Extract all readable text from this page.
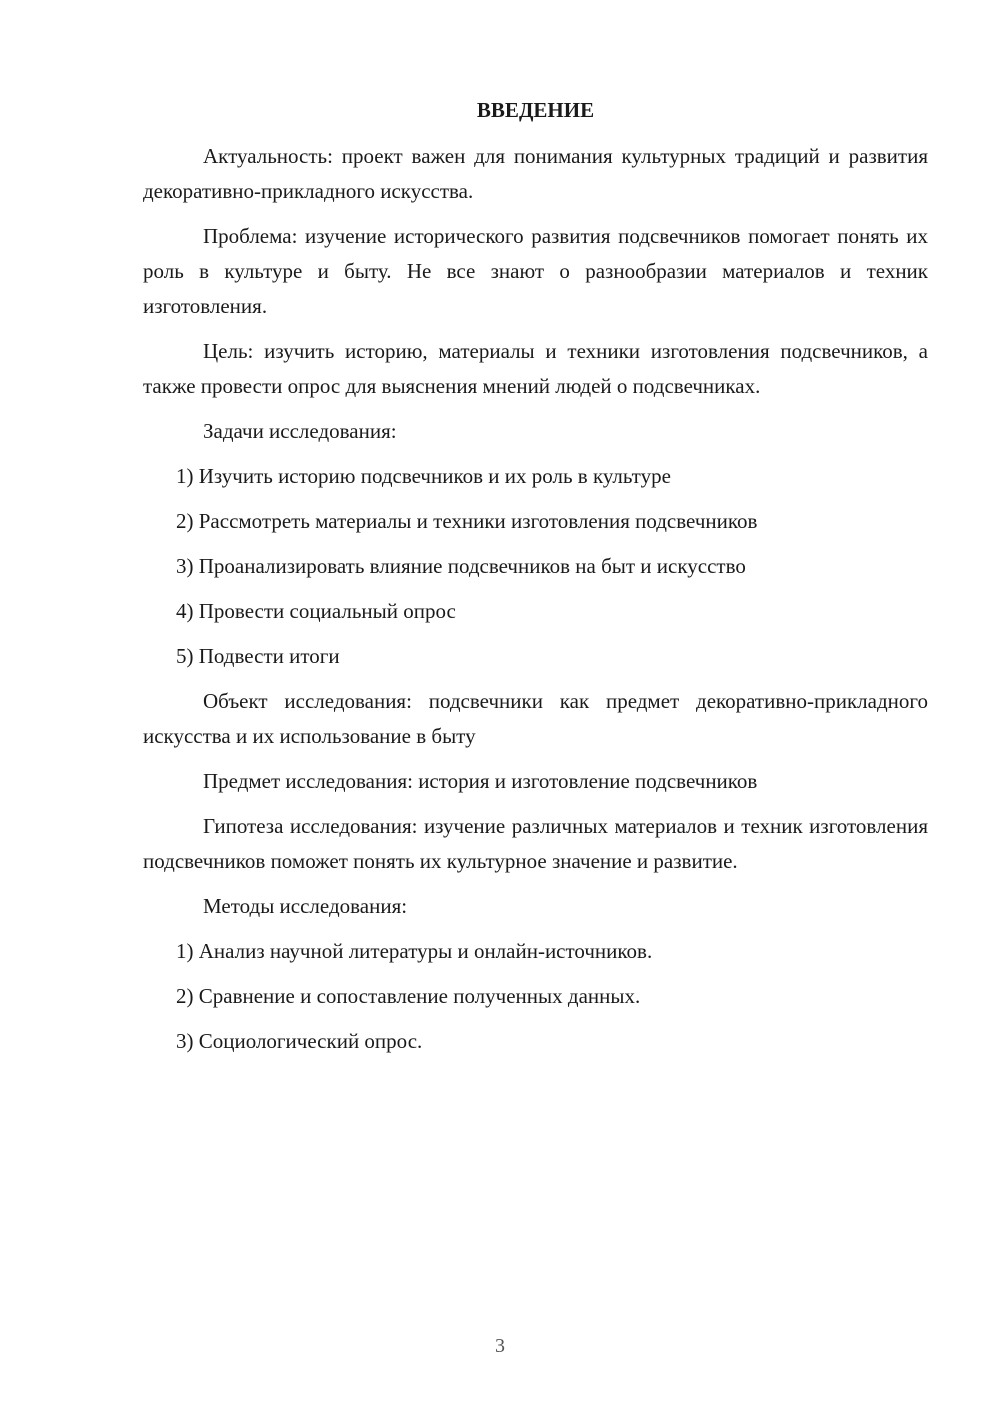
ВВЕДЕНИЕ

Актуальность: проект важен для понимания культурных традиций и развития декоративно-прикладного искусства.

Проблема: изучение исторического развития подсвечников помогает понять их роль в культуре и быту. Не все знают о разнообразии материалов и техник изготовления.

Цель: изучить историю, материалы и техники изготовления подсвечников, а также провести опрос для выяснения мнений людей о подсвечниках.

Задачи исследования:

1) Изучить историю подсвечников и их роль в культуре
2) Рассмотреть материалы и техники изготовления подсвечников
3) Проанализировать влияние подсвечников на быт и искусство
4) Провести социальный опрос
5) Подвести итоги

Объект исследования: подсвечники как предмет декоративно-прикладного искусства и их использование в быту

Предмет исследования: история и изготовление подсвечников

Гипотеза исследования: изучение различных материалов и техник изготовления подсвечников поможет понять их культурное значение и развитие.

Методы исследования:

1) Анализ научной литературы и онлайн-источников.
2) Сравнение и сопоставление полученных данных.
3) Социологический опрос.
3
